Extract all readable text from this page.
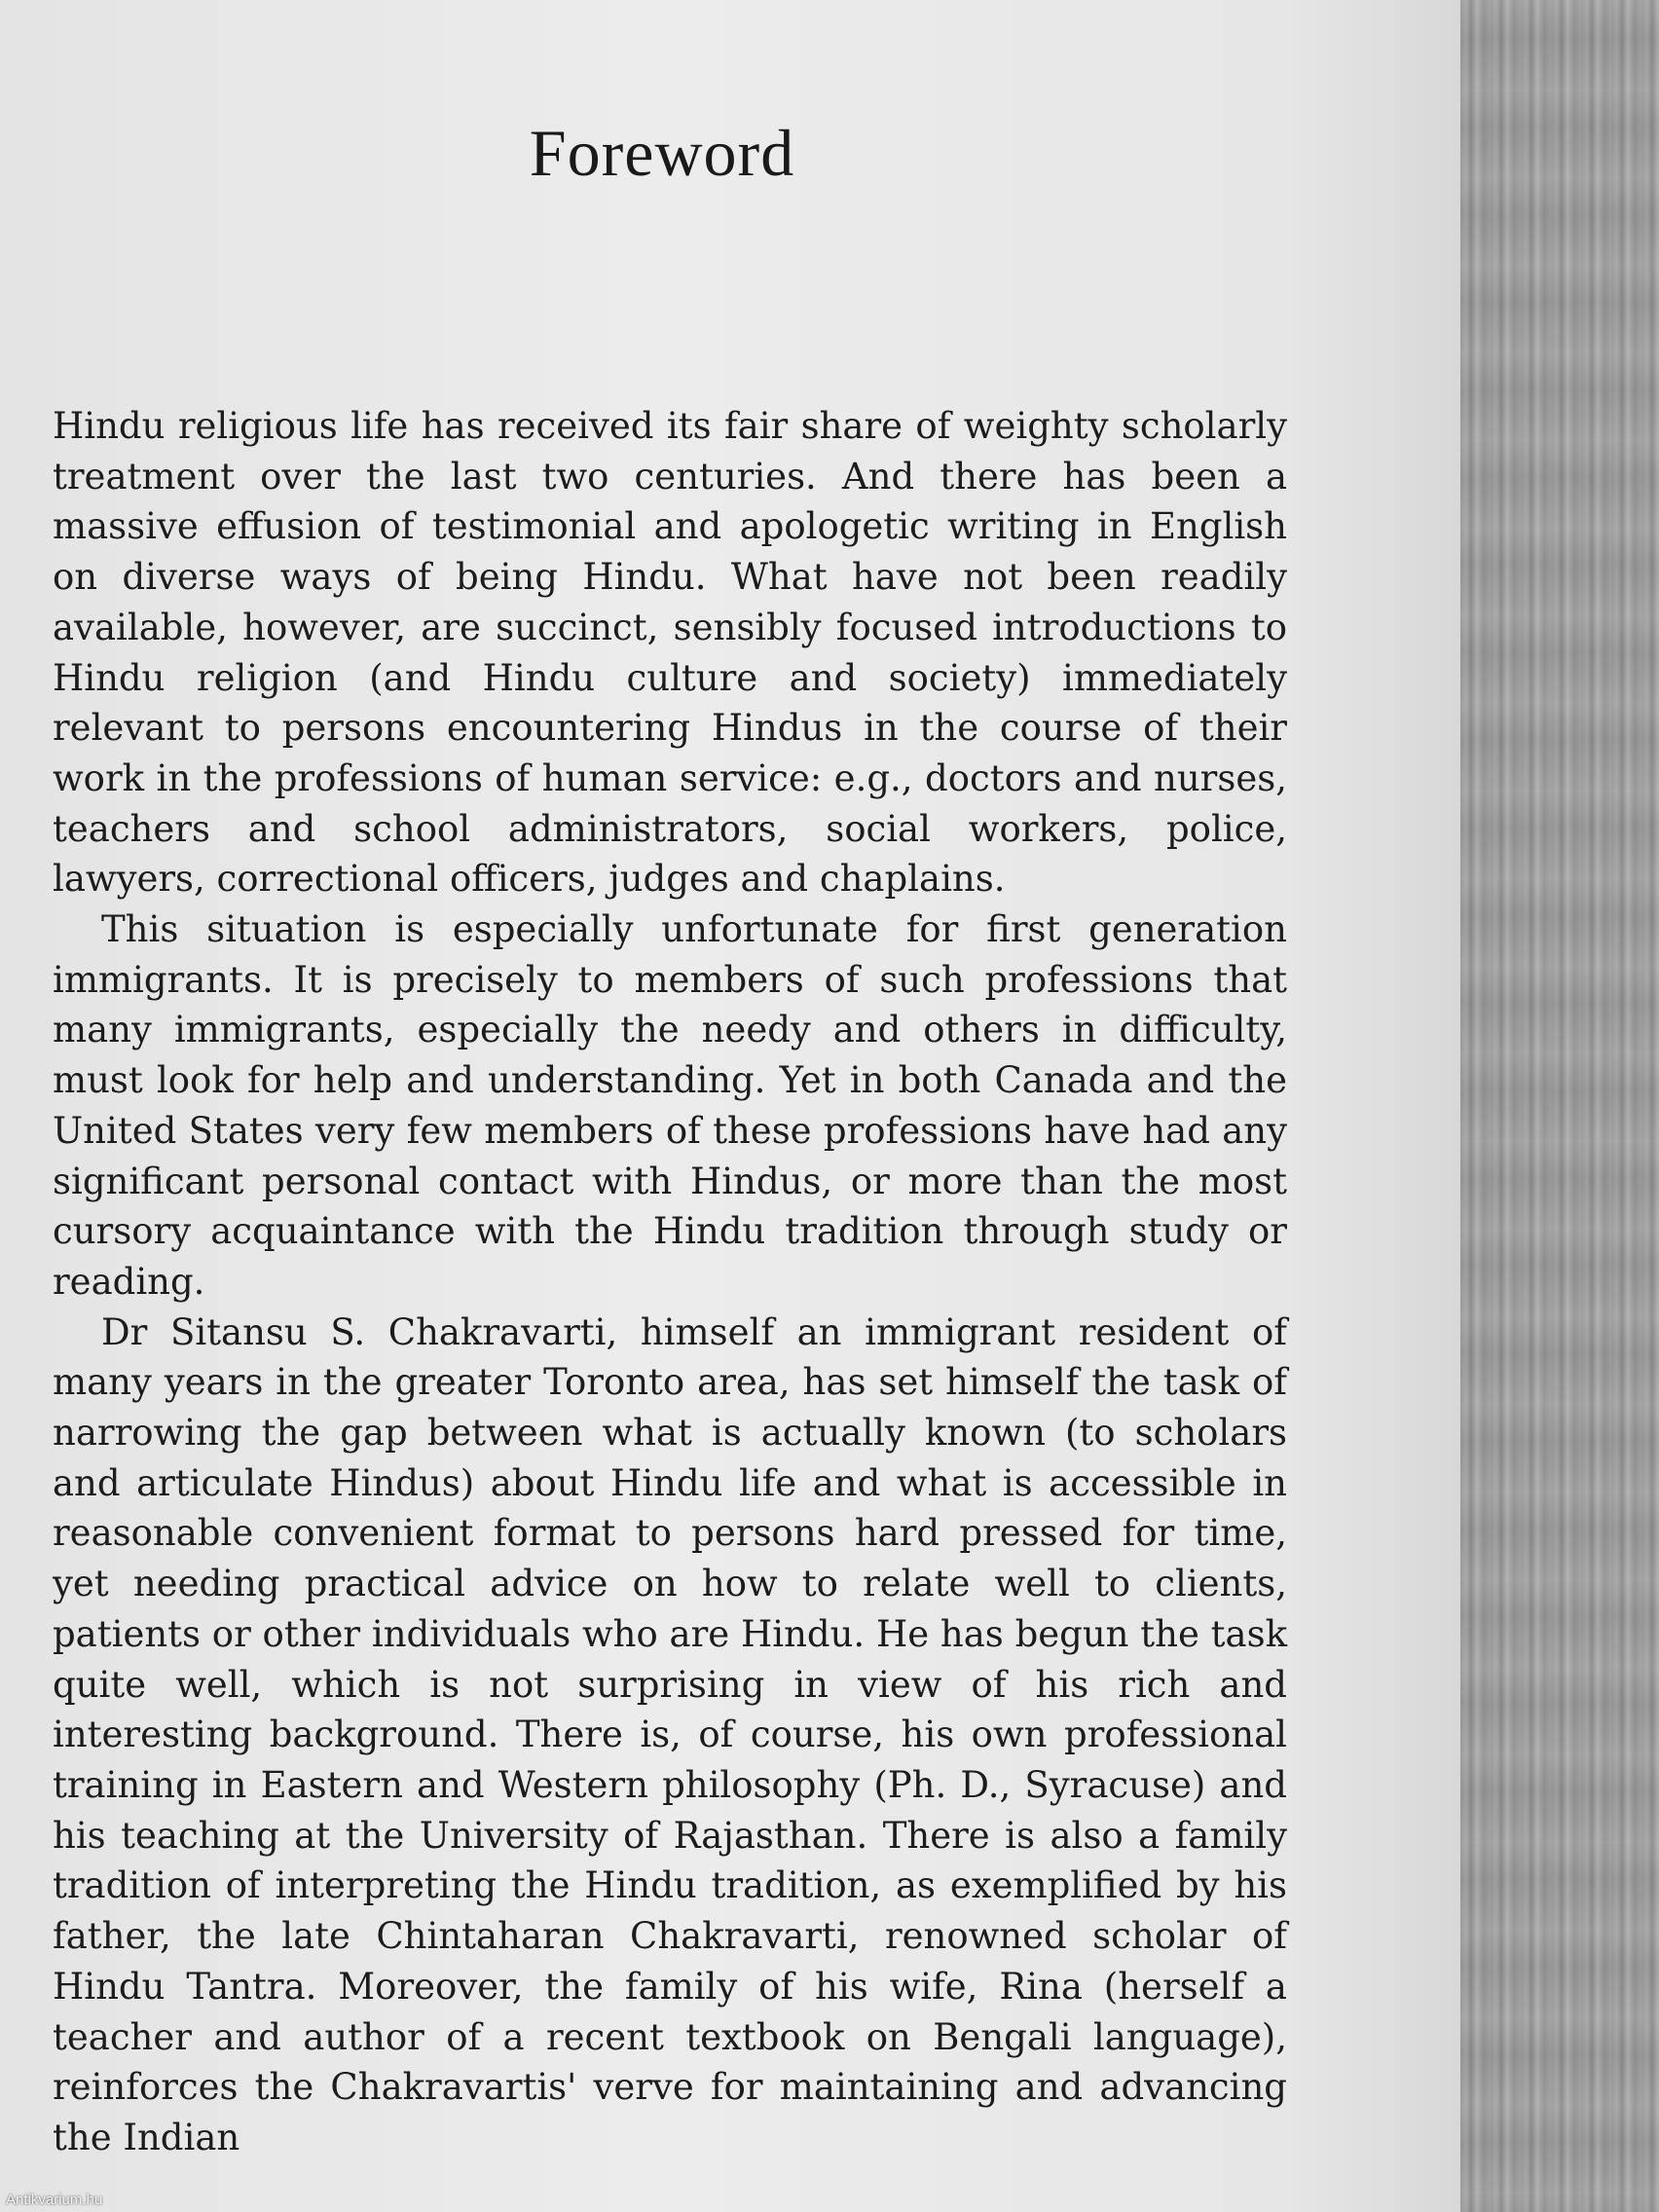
Foreword

Hindu religious life has received its fair share of weighty scholarly treatment over the last two centuries. And there has been a massive effusion of testimonial and apologetic writing in English on diverse ways of being Hindu. What have not been readily available, however, are succinct, sensibly focused introductions to Hindu religion (and Hindu culture and society) immediately relevant to persons encountering Hindus in the course of their work in the professions of human service: e.g., doctors and nurses, teachers and school administrators, social workers, police, lawyers, correctional officers, judges and chaplains.

This situation is especially unfortunate for first generation immigrants. It is precisely to members of such professions that many immigrants, especially the needy and others in difficulty, must look for help and understanding. Yet in both Canada and the United States very few members of these professions have had any significant personal contact with Hindus, or more than the most cursory acquaintance with the Hindu tradition through study or reading.

Dr Sitansu S. Chakravarti, himself an immigrant resident of many years in the greater Toronto area, has set himself the task of narrowing the gap between what is actually known (to scholars and articulate Hindus) about Hindu life and what is accessible in reasonable convenient format to persons hard pressed for time, yet needing practical advice on how to relate well to clients, patients or other individuals who are Hindu. He has begun the task quite well, which is not surprising in view of his rich and interesting background. There is, of course, his own professional training in Eastern and Western philosophy (Ph. D., Syracuse) and his teaching at the University of Rajasthan. There is also a family tradition of interpreting the Hindu tradition, as exemplified by his father, the late Chintaharan Chakravarti, renowned scholar of Hindu Tantra. Moreover, the family of his wife, Rina (herself a teacher and author of a recent textbook on Bengali language), reinforces the Chakravartis' verve for maintaining and advancing the Indian

Antikvarium.hu
